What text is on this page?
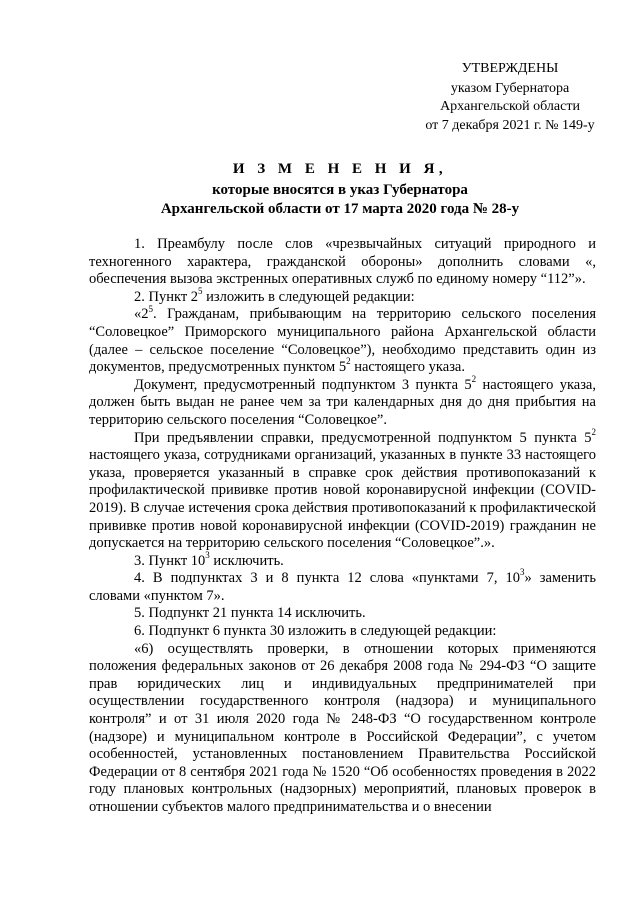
УТВЕРЖДЕНЫ
указом Губернатора
Архангельской области
от 7 декабря 2021 г. № 149-у
И З М Е Н Е Н И Я,
которые вносятся в указ Губернатора
Архангельской области от 17 марта 2020 года № 28-у

1. Преамбулу после слов «чрезвычайных ситуаций природного и техногенного характера, гражданской обороны» дополнить словами «, обеспечения вызова экстренных оперативных служб по единому номеру “112”».

2. Пункт $2^5$ изложить в следующей редакции:

«$2^5$. Гражданам, прибывающим на территорию сельского поселения “Соловецкое” Приморского муниципального района Архангельской области (далее – сельское поселение “Соловецкое”), необходимо представить один из документов, предусмотренных пунктом $5^2$ настоящего указа.

Документ, предусмотренный подпунктом 3 пункта $5^2$ настоящего указа, должен быть выдан не ранее чем за три календарных дня до дня прибытия на территорию сельского поселения “Соловецкое”.

При предъявлении справки, предусмотренной подпунктом 5 пункта $5^2$ настоящего указа, сотрудниками организаций, указанных в пункте 33 настоящего указа, проверяется указанный в справке срок действия противопоказаний к профилактической прививке против новой коронавирусной инфекции (COVID-2019). В случае истечения срока действия противопоказаний к профилактической прививке против новой коронавирусной инфекции (COVID-2019) гражданин не допускается на территорию сельского поселения “Соловецкое”.».

3. Пункт $10^3$ исключить.

4. В подпунктах 3 и 8 пункта 12 слова «пунктами 7, $10^3$» заменить словами «пунктом 7».

5. Подпункт 21 пункта 14 исключить.

6. Подпункт 6 пункта 30 изложить в следующей редакции:

«6) осуществлять проверки, в отношении которых применяются положения федеральных законов от 26 декабря 2008 года № 294-ФЗ “О защите прав юридических лиц и индивидуальных предпринимателей при осуществлении государственного контроля (надзора) и муниципального контроля” и от 31 июля 2020 года № 248-ФЗ “О государственном контроле (надзоре) и муниципальном контроле в Российской Федерации”, с учетом особенностей, установленных постановлением Правительства Российской Федерации от 8 сентября 2021 года № 1520 “Об особенностях проведения в 2022 году плановых контрольных (надзорных) мероприятий, плановых проверок в отношении субъектов малого предпринимательства и о внесении
